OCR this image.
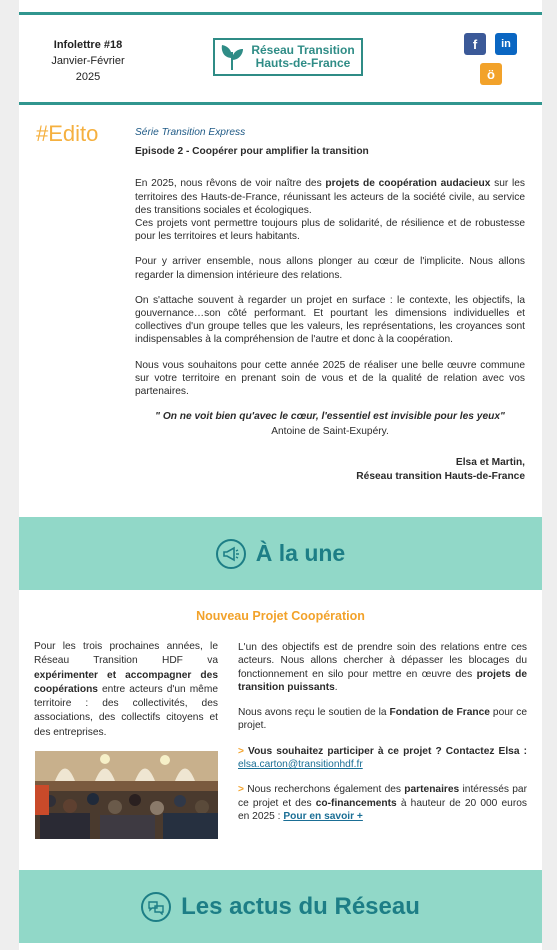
Infolettre #18
Janvier-Février
2025
Réseau Transition
Hauts-de-France
f	in
ö
#Edito	Série Transition Express
Episode 2 - Coopérer pour amplifier la transition

En 2025, nous rêvons de voir naître des projets de coopération audacieux sur les territoires des Hauts-de-France, réunissant les acteurs de la société civile, au service des transitions sociales et écologiques.
Ces projets vont permettre toujours plus de solidarité, de résilience et de robustesse pour les territoires et leurs habitants.

Pour y arriver ensemble, nous allons plonger au cœur de l'implicite. Nous allons regarder la dimension intérieure des relations.

On s'attache souvent à regarder un projet en surface : le contexte, les objectifs, la gouvernance…son côté performant. Et pourtant les dimensions individuelles et collectives d'un groupe telles que les valeurs, les représentations, les croyances sont indispensables à la compréhension de l'autre et donc à la coopération.

Nous vous souhaitons pour cette année 2025 de réaliser une belle œuvre commune sur votre territoire en prenant soin de vous et de la qualité de relation avec vos partenaires.

" On ne voit bien qu'avec le cœur, l'essentiel est invisible pour les yeux"
Antoine de Saint-Exupéry.
Elsa et Martin,
Réseau transition Hauts-de-France
À la une
Nouveau Projet Coopération
Pour les trois prochaines années, le Réseau Transition HDF va expérimenter et accompagner des coopérations entre acteurs d'un même territoire : des collectivités, des associations, des collectifs citoyens et des entreprises.

L'un des objectifs est de prendre soin des relations entre ces acteurs. Nous allons chercher à dépasser les blocages du fonctionnement en silo pour mettre en œuvre des projets de transition puissants.

Nous avons reçu le soutien de la Fondation de France pour ce projet.

> Vous souhaitez participer à ce projet ? Contactez Elsa : elsa.carton@transitionhdf.fr

> Nous recherchons également des partenaires intéressés par ce projet et des co-financements à hauteur de 20 000 euros en 2025 : Pour en savoir +

Les actus du Réseau
